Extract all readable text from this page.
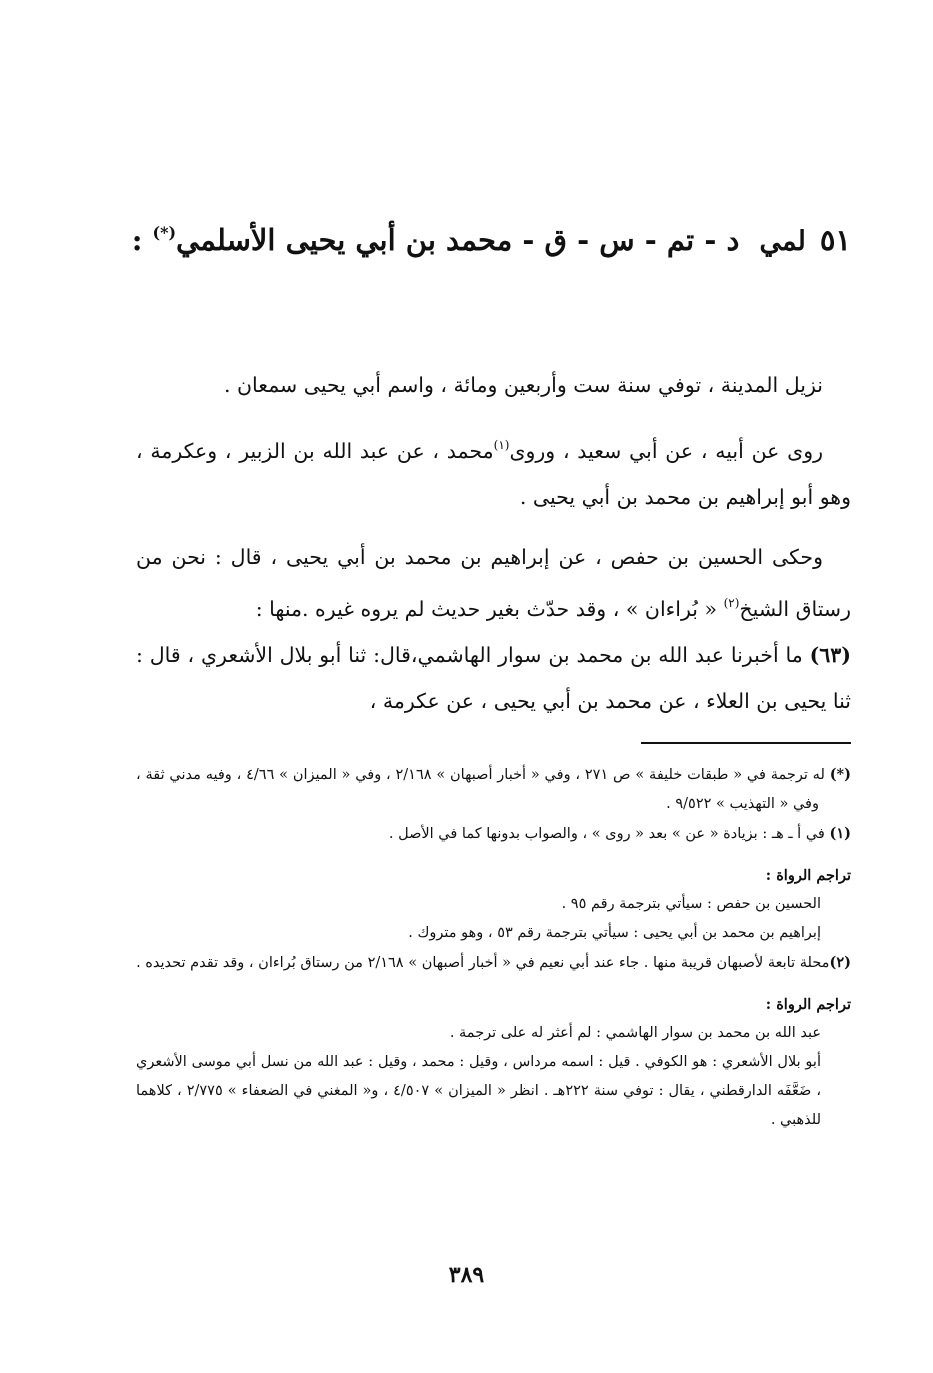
٥١لمي د - تم - س - ق - محمد بن أبي يحيى الأسلمي(*) :

نزيل المدينة ، توفي سنة ست وأربعين ومائة ، واسم أبي يحيى سمعان .

روى عن أبيه ، عن أبي سعيد ، وروى$^{(١)}$محمد ، عن عبد الله بن الزبير ، وعكرمة ، وهو أبو إبراهيم بن محمد بن أبي يحيى .

وحكى الحسين بن حفص ، عن إبراهيم بن محمد بن أبي يحيى ، قال : نحن من رستاق الشيخ$^{(٢)}$ « بُراءان » ، وقد حدّث بغير حديث لم يروه غيره .منها :

(٦٣) ما أخبرنا عبد الله بن محمد بن سوار الهاشمي،قال: ثنا أبو بلال الأشعري ، قال : ثنا يحيى بن العلاء ، عن محمد بن أبي يحيى ، عن عكرمة ،

(*) له ترجمة في « طبقات خليفة » ص ٢٧١ ، وفي « أخبار أصبهان » ٢/١٦٨ ، وفي « الميزان » ٤/٦٦ ، وفيه مدني ثقة ، وفي « التهذيب » ٩/٥٢٢ .

(١) في أ ـ هـ : بزيادة « عن » بعد « روى » ، والصواب بدونها كما في الأصل .

تراجم الرواة :

الحسين بن حفص : سيأتي بترجمة رقم ٩٥ .

إبراهيم بن محمد بن أبي يحيى : سيأتي بترجمة رقم ٥٣ ، وهو متروك .

(٢)محلة تابعة لأصبهان قريبة منها . جاء عند أبي نعيم في « أخبار أصبهان » ٢/١٦٨ من رستاق بُراءان ، وقد تقدم تحديده .

تراجم الرواة :

عبد الله بن محمد بن سوار الهاشمي : لم أعثر له على ترجمة .

أبو بلال الأشعري : هو الكوفي . قيل : اسمه مرداس ، وقيل : محمد ، وقيل : عبد الله من نسل أبي موسى الأشعري ، ضَعَّفَه الدارقطني ، يقال : توفي سنة ٢٢٢هـ . انظر « الميزان » ٤/٥٠٧ ، و« المغني في الضعفاء » ٢/٧٧٥ ، كلاهما للذهبي .

٣٨٩
